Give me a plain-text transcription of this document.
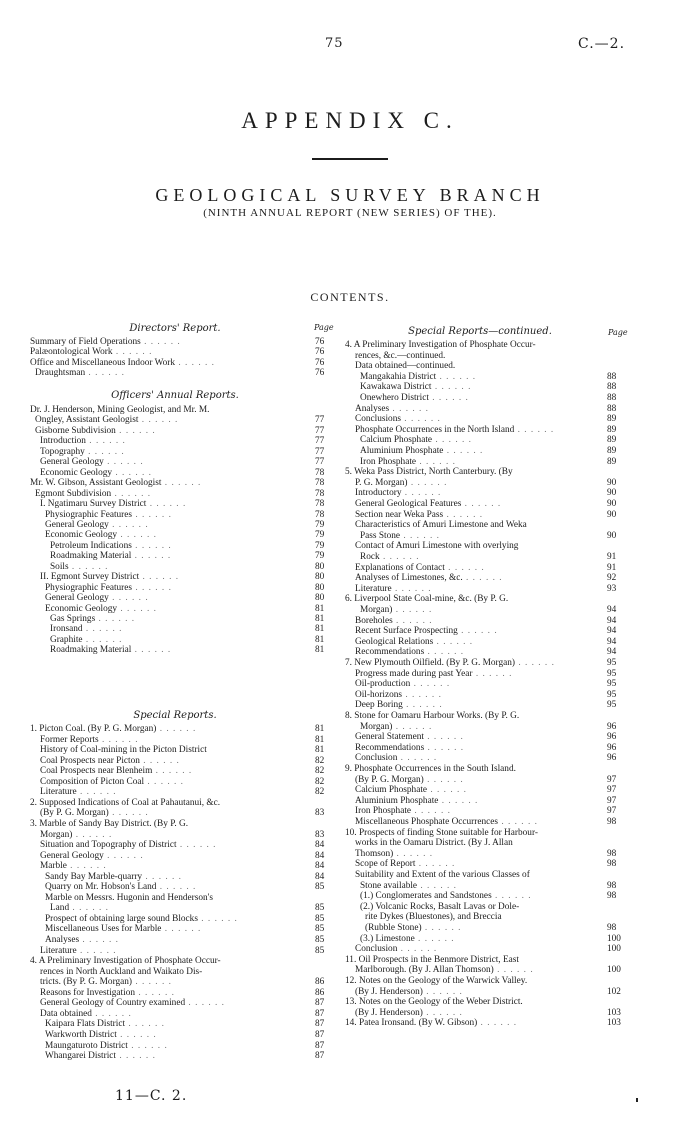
75	C.—2.
APPENDIX C.
GEOLOGICAL SURVEY BRANCH
(NINTH ANNUAL REPORT (NEW SERIES) OF THE).
CONTENTS.
Page
Page
Directors' Report.
Officers' Annual Reports.
Special Reports.
Special Reports—continued.
Summary of Field Operations . . . . . .	76
Palæontological Work . . . . . .	76
Office and Miscellaneous Indoor Work . . . . . .	76
Draughtsman . . . . . .	76
Dr. J. Henderson, Mining Geologist, and Mr. M.
Ongley, Assistant Geologist . . . . . .	77
Gisborne Subdivision . . . . . .	77
Introduction . . . . . .	77
Topography . . . . . .	77
General Geology . . . . . .	77
Economic Geology . . . . . .	78
Mr. W. Gibson, Assistant Geologist . . . . . .	78
Egmont Subdivision . . . . . .	78
I. Ngatimaru Survey District . . . . . .	78
Physiographic Features . . . . . .	78
General Geology . . . . . .	79
Economic Geology . . . . . .	79
Petroleum Indications . . . . . .	79
Roadmaking Material . . . . . .	79
Soils . . . . . .	80
II. Egmont Survey District . . . . . .	80
Physiographic Features . . . . . .	80
General Geology . . . . . .	80
Economic Geology . . . . . .	81
Gas Springs . . . . . .	81
Ironsand . . . . . .	81
Graphite . . . . . .	81
Roadmaking Material . . . . . .	81
1. Picton Coal. (By P. G. Morgan) . . . . . .	81
Former Reports . . . . . .	81
History of Coal-mining in the Picton District	81
Coal Prospects near Picton . . . . . .	82
Coal Prospects near Blenheim . . . . . .	82
Composition of Picton Coal . . . . . .	82
Literature . . . . . .	82
2. Supposed Indications of Coal at Pahautanui, &c.
(By P. G. Morgan) . . . . . .	83
3. Marble of Sandy Bay District. (By P. G.
Morgan) . . . . . .	83
Situation and Topography of District . . . . . .	84
General Geology . . . . . .	84
Marble . . . . . .	84
Sandy Bay Marble-quarry . . . . . .	84
Quarry on Mr. Hobson's Land . . . . . .	85
Marble on Messrs. Hugonin and Henderson's
Land . . . . . .	85
Prospect of obtaining large sound Blocks . . . . . .	85
Miscellaneous Uses for Marble . . . . . .	85
Analyses . . . . . .	85
Literature . . . . . .	85
4. A Preliminary Investigation of Phosphate Occur-
rences in North Auckland and Waikato Dis-
tricts. (By P. G. Morgan) . . . . . .	86
Reasons for Investigation . . . . . .	86
General Geology of Country examined . . . . . .	87
Data obtained . . . . . .	87
Kaipara Flats District . . . . . .	87
Warkworth District . . . . . .	87
Maungaturoto District . . . . . .	87
Whangarei District . . . . . .	87
4. A Preliminary Investigation of Phosphate Occur-
rences, &c.—continued.
Data obtained—continued.
Mangakahia District . . . . . .	88
Kawakawa District . . . . . .	88
Onewhero District . . . . . .	88
Analyses . . . . . .	88
Conclusions . . . . . .	89
Phosphate Occurrences in the North Island . . . . . .	89
Calcium Phosphate . . . . . .	89
Aluminium Phosphate . . . . . .	89
Iron Phosphate . . . . . .	89
5. Weka Pass District, North Canterbury. (By
P. G. Morgan) . . . . . .	90
Introductory . . . . . .	90
General Geological Features . . . . . .	90
Section near Weka Pass . . . . . .	90
Characteristics of Amuri Limestone and Weka
Pass Stone . . . . . .	90
Contact of Amuri Limestone with overlying
Rock . . . . . .	91
Explanations of Contact . . . . . .	91
Analyses of Limestones, &c. . . . . . .	92
Literature . . . . . .	93
6. Liverpool State Coal-mine, &c. (By P. G.
Morgan) . . . . . .	94
Boreholes . . . . . .	94
Recent Surface Prospecting . . . . . .	94
Geological Relations . . . . . .	94
Recommendations . . . . . .	94
7. New Plymouth Oilfield. (By P. G. Morgan) . . . . . .	95
Progress made during past Year . . . . . .	95
Oil-production . . . . . .	95
Oil-horizons . . . . . .	95
Deep Boring . . . . . .	95
8. Stone for Oamaru Harbour Works. (By P. G.
Morgan) . . . . . .	96
General Statement . . . . . .	96
Recommendations . . . . . .	96
Conclusion . . . . . .	96
9. Phosphate Occurrences in the South Island.
(By P. G. Morgan) . . . . . .	97
Calcium Phosphate . . . . . .	97
Aluminium Phosphate . . . . . .	97
Iron Phosphate . . . . . .	97
Miscellaneous Phosphate Occurrences . . . . . .	98
10. Prospects of finding Stone suitable for Harbour-
works in the Oamaru District. (By J. Allan
Thomson) . . . . . .	98
Scope of Report . . . . . .	98
Suitability and Extent of the various Classes of
Stone available . . . . . .	98
(1.) Conglomerates and Sandstones . . . . . .	98
(2.) Volcanic Rocks, Basalt Lavas or Dole-
rite Dykes (Bluestones), and Breccia
(Rubble Stone) . . . . . .	98
(3.) Limestone . . . . . .	100
Conclusion . . . . . .	100
11. Oil Prospects in the Benmore District, East
Marlborough. (By J. Allan Thomson) . . . . . .	100
12. Notes on the Geology of the Warwick Valley.
(By J. Henderson) . . . . . .	102
13. Notes on the Geology of the Weber District.
(By J. Henderson) . . . . . .	103
14. Patea Ironsand. (By W. Gibson) . . . . . .	103
11—C. 2.
